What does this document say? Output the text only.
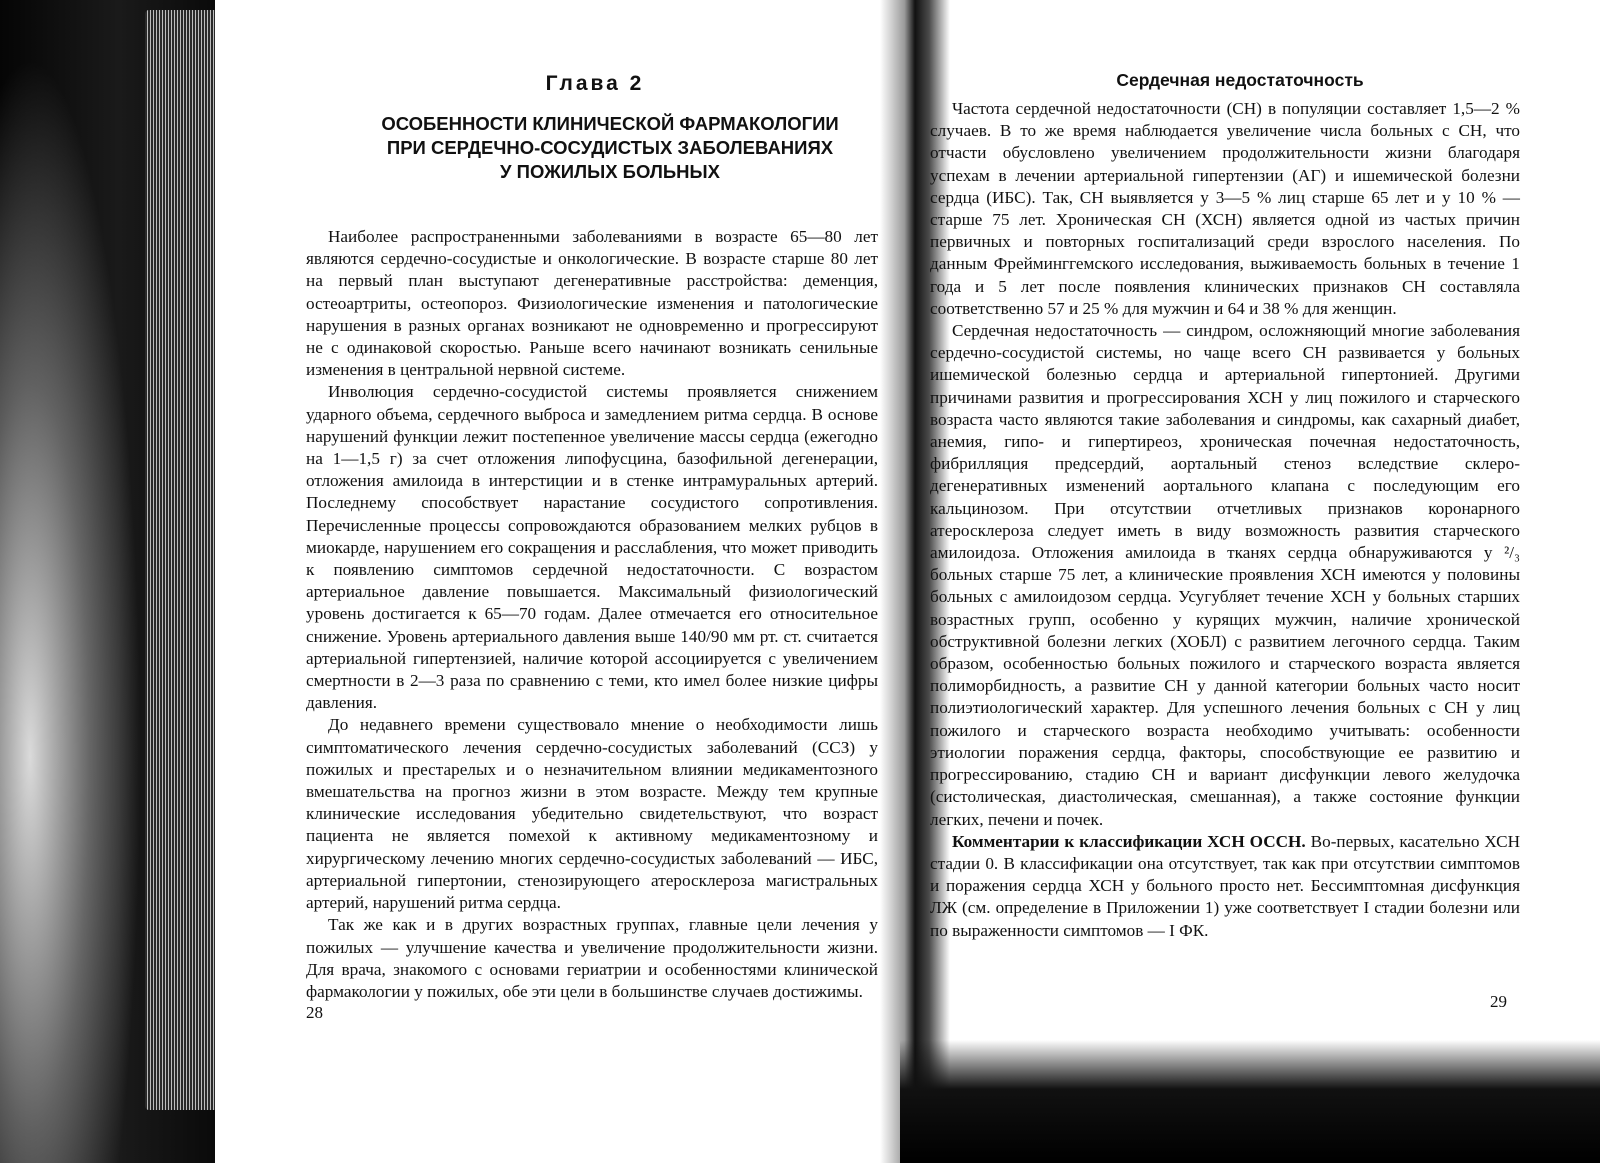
Глава 2
ОСОБЕННОСТИ КЛИНИЧЕСКОЙ ФАРМАКОЛОГИИ
ПРИ СЕРДЕЧНО-СОСУДИСТЫХ ЗАБОЛЕВАНИЯХ
У ПОЖИЛЫХ БОЛЬНЫХ

Наиболее распространенными заболеваниями в возрасте 65—80 лет являются сердечно-сосудистые и онкологические. В возрасте старше 80 лет на первый план выступают дегенеративные расстройства: деменция, остеоартриты, остеопороз. Физиологические изменения и патологические нарушения в разных органах возникают не одновременно и прогрессируют не с одинаковой скоростью. Раньше всего начинают возникать сенильные изменения в центральной нервной системе.

Инволюция сердечно-сосудистой системы проявляется снижением ударного объема, сердечного выброса и замедлением ритма сердца. В основе нарушений функции лежит постепенное увеличение массы сердца (ежегодно на 1—1,5 г) за счет отложения липофусцина, базофильной дегенерации, отложения амилоида в интерстиции и в стенке интрамуральных артерий. Последнему способствует нарастание сосудистого сопротивления. Перечисленные процессы сопровождаются образованием мелких рубцов в миокарде, нарушением его сокращения и расслабления, что может приводить к появлению симптомов сердечной недостаточности. С возрастом артериальное давление повышается. Максимальный физиологический уровень достигается к 65—70 годам. Далее отмечается его относительное снижение. Уровень артериального давления выше 140/90 мм рт. ст. считается артериальной гипертензией, наличие которой ассоциируется с увеличением смертности в 2—3 раза по сравнению с теми, кто имел более низкие цифры давления.

До недавнего времени существовало мнение о необходимости лишь симптоматического лечения сердечно-сосудистых заболеваний (ССЗ) у пожилых и престарелых и о незначительном влиянии медикаментозного вмешательства на прогноз жизни в этом возрасте. Между тем крупные клинические исследования убедительно свидетельствуют, что возраст пациента не является помехой к активному медикаментозному и хирургическому лечению многих сердечно-сосудистых заболеваний — ИБС, артериальной гипертонии, стенозирующего атеросклероза магистральных артерий, нарушений ритма сердца.

Так же как и в других возрастных группах, главные цели лечения у пожилых — улучшение качества и увеличение продолжительности жизни. Для врача, знакомого с основами гериатрии и особенностями клинической фармакологии у пожилых, обе эти цели в большинстве случаев достижимы.

28
Сердечная недостаточность

Частота сердечной недостаточности (СН) в популяции составляет 1,5—2 % случаев. В то же время наблюдается увеличение числа больных с СН, что отчасти обусловлено увеличением продолжительности жизни благодаря успехам в лечении артериальной гипертензии (АГ) и ишемической болезни сердца (ИБС). Так, СН выявляется у 3—5 % лиц старше 65 лет и у 10 % — старше 75 лет. Хроническая СН (ХСН) является одной из частых причин первичных и повторных госпитализаций среди взрослого населения. По данным Фрейминггемского исследования, выживаемость больных в течение 1 года и 5 лет после появления клинических признаков СН составляла соответственно 57 и 25 % для мужчин и 64 и 38 % для женщин.

Сердечная недостаточность — синдром, осложняющий многие заболевания сердечно-сосудистой системы, но чаще всего СН развивается у больных ишемической болезнью сердца и артериальной гипертонией. Другими причинами развития и прогрессирования ХСН у лиц пожилого и старческого возраста часто являются такие заболевания и синдромы, как сахарный диабет, анемия, гипо- и гипертиреоз, хроническая почечная недостаточность, фибрилляция предсердий, аортальный стеноз вследствие склеро-дегенеративных изменений аортального клапана с последующим его кальцинозом. При отсутствии отчетливых признаков коронарного атеросклероза следует иметь в виду возможность развития старческого амилоидоза. Отложения амилоида в тканях сердца обнаруживаются у ²/₃ больных старше 75 лет, а клинические проявления ХСН имеются у половины больных с амилоидозом сердца. Усугубляет течение ХСН у больных старших возрастных групп, особенно у курящих мужчин, наличие хронической обструктивной болезни легких (ХОБЛ) с развитием легочного сердца. Таким образом, особенностью больных пожилого и старческого возраста является полиморбидность, а развитие СН у данной категории больных часто носит полиэтиологический характер. Для успешного лечения больных с СН у лиц пожилого и старческого возраста необходимо учитывать: особенности этиологии поражения сердца, факторы, способствующие ее развитию и прогрессированию, стадию СН и вариант дисфункции левого желудочка (систолическая, диастолическая, смешанная), а также состояние функции легких, печени и почек.

Комментарии к классификации ХСН ОССН. Во-первых, касательно ХСН стадии 0. В классификации она отсутствует, так как при отсутствии симптомов и поражения сердца ХСН у больного просто нет. Бессимптомная дисфункция ЛЖ (см. определение в Приложении 1) уже соответствует I стадии болезни или по выраженности симптомов — I ФК.

29
